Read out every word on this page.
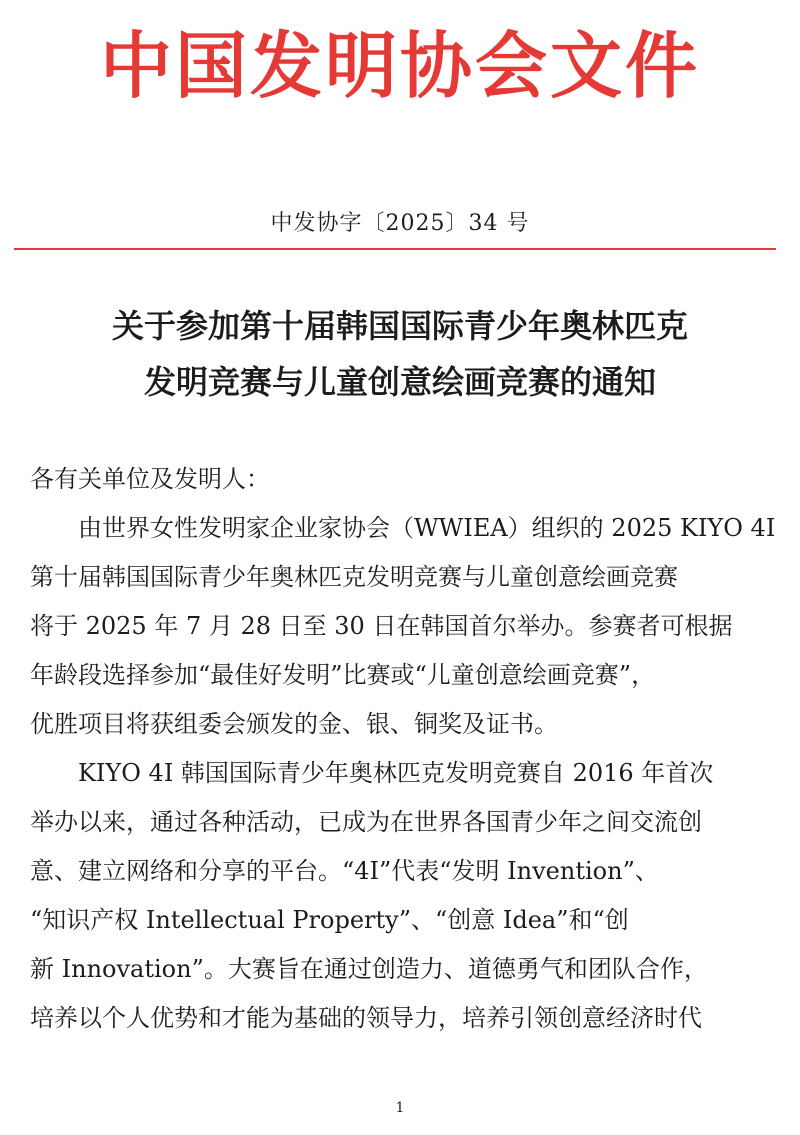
中国发明协会文件
中发协字〔2025〕34 号
关于参加第十届韩国国际青少年奥林匹克
发明竞赛与儿童创意绘画竞赛的通知
各有关单位及发明人：
　　由世界女性发明家企业家协会（WWIEA）组织的 2025 KIYO 4I
第十届韩国国际青少年奥林匹克发明竞赛与儿童创意绘画竞赛
将于 2025 年 7 月 28 日至 30 日在韩国首尔举办。参赛者可根据
年龄段选择参加“最佳好发明”比赛或“儿童创意绘画竞赛”，
优胜项目将获组委会颁发的金、银、铜奖及证书。
　　KIYO 4I 韩国国际青少年奥林匹克发明竞赛自 2016 年首次
举办以来，通过各种活动，已成为在世界各国青少年之间交流创
意、建立网络和分享的平台。“4I”代表“发明 Invention”、
“知识产权 Intellectual Property”、“创意 Idea”和“创
新 Innovation”。大赛旨在通过创造力、道德勇气和团队合作，
培养以个人优势和才能为基础的领导力，培养引领创意经济时代
1
